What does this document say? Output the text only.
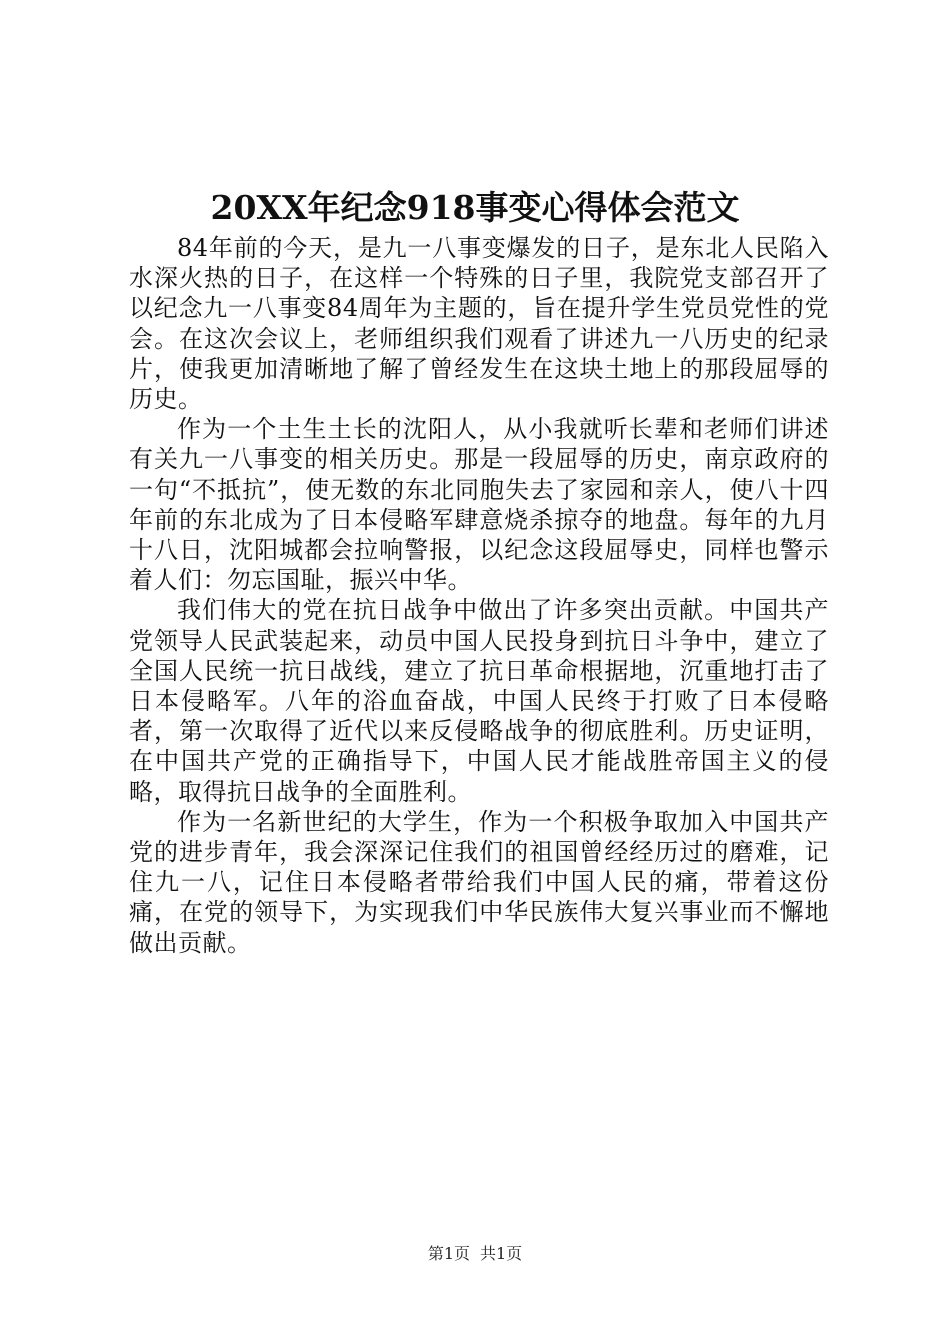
20XX年纪念918事变心得体会范文

84年前的今天，是九一八事变爆发的日子，是东北人民陷入水深火热的日子，在这样一个特殊的日子里，我院党支部召开了以纪念九一八事变84周年为主题的，旨在提升学生党员党性的党会。在这次会议上，老师组织我们观看了讲述九一八历史的纪录片，使我更加清晰地了解了曾经发生在这块土地上的那段屈辱的历史。

作为一个土生土长的沈阳人，从小我就听长辈和老师们讲述有关九一八事变的相关历史。那是一段屈辱的历史，南京政府的一句“不抵抗”，使无数的东北同胞失去了家园和亲人，使八十四年前的东北成为了日本侵略军肆意烧杀掠夺的地盘。每年的九月十八日，沈阳城都会拉响警报，以纪念这段屈辱史，同样也警示着人们：勿忘国耻，振兴中华。

我们伟大的党在抗日战争中做出了许多突出贡献。中国共产党领导人民武装起来，动员中国人民投身到抗日斗争中，建立了全国人民统一抗日战线，建立了抗日革命根据地，沉重地打击了日本侵略军。八年的浴血奋战，中国人民终于打败了日本侵略者，第一次取得了近代以来反侵略战争的彻底胜利。历史证明，在中国共产党的正确指导下，中国人民才能战胜帝国主义的侵略，取得抗日战争的全面胜利。

作为一名新世纪的大学生，作为一个积极争取加入中国共产党的进步青年，我会深深记住我们的祖国曾经经历过的磨难，记住九一八，记住日本侵略者带给我们中国人民的痛，带着这份痛，在党的领导下，为实现我们中华民族伟大复兴事业而不懈地做出贡献。

第1页 共1页
